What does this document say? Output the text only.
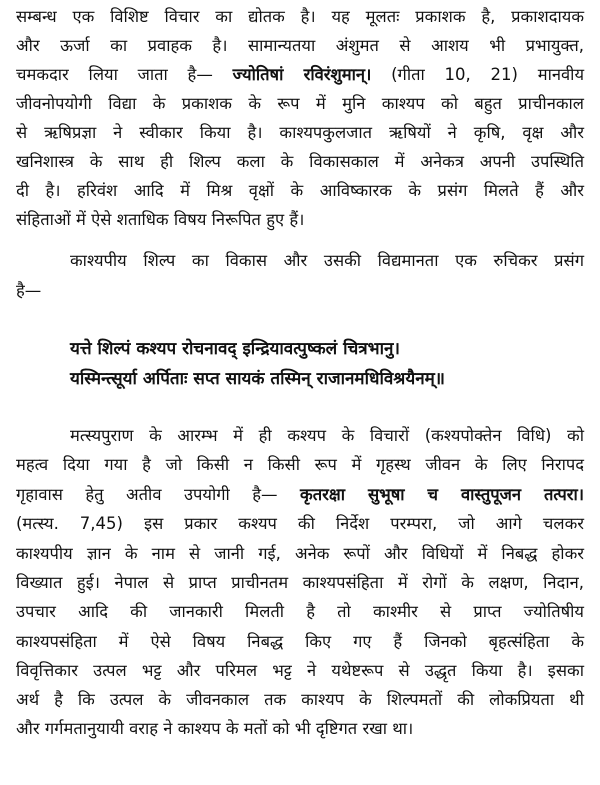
सम्बन्ध एक विशिष्ट विचार का द्योतक है। यह मूलतः प्रकाशक है, प्रकाशदायक
और ऊर्जा का प्रवाहक है। सामान्यतया अंशुमत से आशय भी प्रभायुक्त,
चमकदार लिया जाता है— ज्योतिषां रविरंशुमान्। (गीता 10, 21) मानवीय
जीवनोपयोगी विद्या के प्रकाशक के रूप में मुनि काश्यप को बहुत प्राचीनकाल
से ऋषिप्रज्ञा ने स्वीकार किया है। काश्यपकुलजात ऋषियों ने कृषि, वृक्ष और
खनिशास्त्र के साथ ही शिल्प कला के विकासकाल में अनेकत्र अपनी उपस्थिति
दी है। हरिवंश आदि में मिश्र वृक्षों के आविष्कारक के प्रसंग मिलते हैं और
संहिताओं में ऐसे शताधिक विषय निरूपित हुए हैं।
काश्यपीय शिल्प का विकास और उसकी विद्यमानता एक रुचिकर प्रसंग
है—
यत्ते शिल्पं कश्यप रोचनावद् इन्द्रियावत्पुष्कलं चित्रभानु।
यस्मिन्त्सूर्या अर्पिताः सप्त सायकं तस्मिन् राजानमधिविश्रयैनम्॥
मत्स्यपुराण के आरम्भ में ही कश्यप के विचारों (कश्यपोक्तेन विधि) को
महत्व दिया गया है जो किसी न किसी रूप में गृहस्थ जीवन के लिए निरापद
गृहावास हेतु अतीव उपयोगी है— कृतरक्षा सुभूषा च वास्तुपूजन तत्परा।
(मत्स्य. 7,45) इस प्रकार कश्यप की निर्देश परम्परा, जो आगे चलकर
काश्यपीय ज्ञान के नाम से जानी गई, अनेक रूपों और विधियों में निबद्ध होकर
विख्यात हुई। नेपाल से प्राप्त प्राचीनतम काश्यपसंहिता में रोगों के लक्षण, निदान,
उपचार आदि की जानकारी मिलती है तो काश्मीर से प्राप्त ज्योतिषीय
काश्यपसंहिता में ऐसे विषय निबद्ध किए गए हैं जिनको बृहत्संहिता के
विवृत्तिकार उत्पल भट्ट और परिमल भट्ट ने यथेष्टरूप से उद्धृत किया है। इसका
अर्थ है कि उत्पल के जीवनकाल तक काश्यप के शिल्पमतों की लोकप्रियता थी
और गर्गमतानुयायी वराह ने काश्यप के मतों को भी दृष्टिगत रखा था।
